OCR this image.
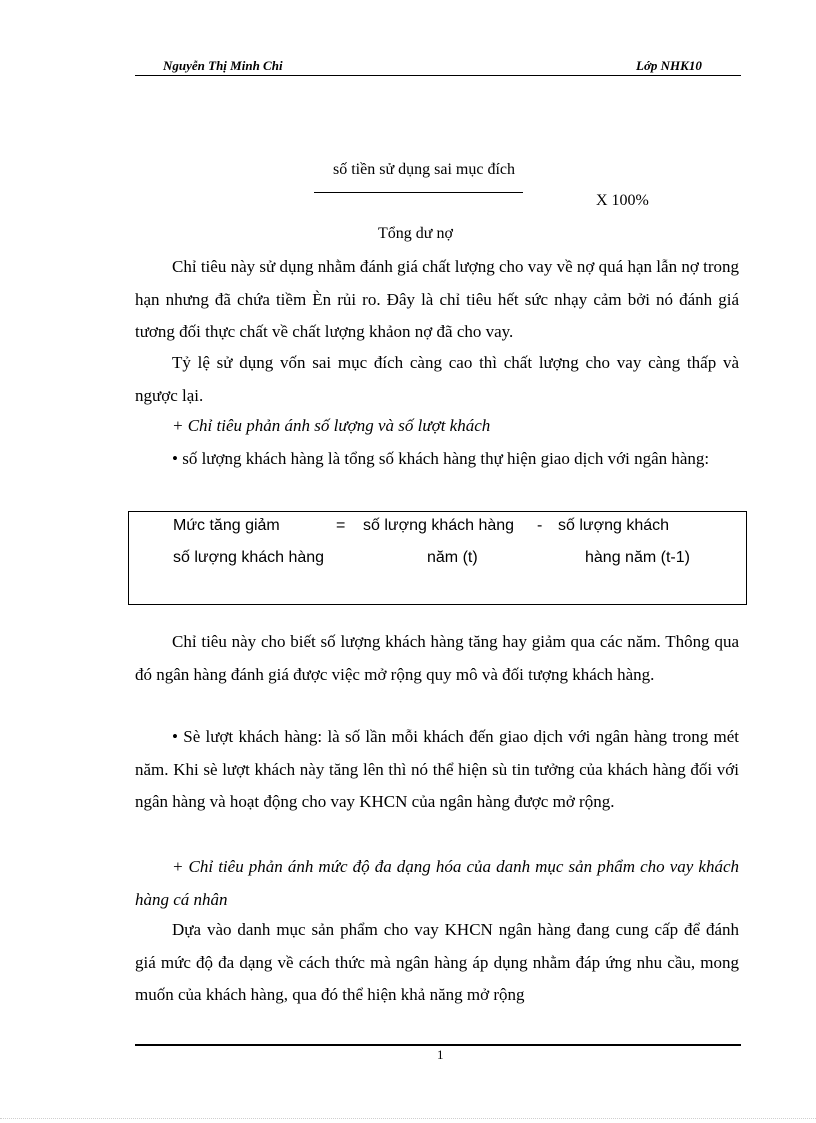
Nguyễn Thị Minh Chi	Lớp NHK10
số tiền sử dụng sai mục đích
X 100%
Tổng dư nợ

Chỉ tiêu này sử dụng nhằm đánh giá chất lượng cho vay về nợ quá hạn lẫn nợ trong hạn nhưng đã chứa tiềm Èn rủi ro. Đây là chỉ tiêu hết sức nhạy cảm bởi nó đánh giá tương đối thực chất về chất lượng khảon nợ đã cho vay.

Tỷ lệ sử dụng vốn sai mục đích càng cao thì chất lượng cho vay càng thấp và ngược lại.

+ Chỉ tiêu phản ánh số lượng và số lượt khách

• số lượng khách hàng là tổng số khách hàng thự hiện giao dịch với ngân hàng:

Mức tăng giảm
số lượng khách hàng
= số lượng khách hàng
năm (t)
- số lượng khách
hàng năm (t-1)

Chỉ tiêu này cho biết số lượng khách hàng tăng hay giảm qua các năm. Thông qua đó ngân hàng đánh giá được việc mở rộng quy mô và đối tượng khách hàng.

• Sè lượt khách hàng: là số lần mỗi khách đến giao dịch với ngân hàng trong mét năm. Khi sè lượt khách này tăng lên thì nó thể hiện sù tin tưởng của khách hàng đối với ngân hàng và hoạt động cho vay KHCN của ngân hàng được mở rộng.

+ Chỉ tiêu phản ánh mức độ đa dạng hóa của danh mục sản phẩm cho vay khách hàng cá nhân

Dựa vào danh mục sản phẩm cho vay KHCN ngân hàng đang cung cấp để đánh giá mức độ đa dạng về cách thức mà ngân hàng áp dụng nhằm đáp ứng nhu cầu, mong muốn của khách hàng, qua đó thể hiện khả năng mở rộng

1
